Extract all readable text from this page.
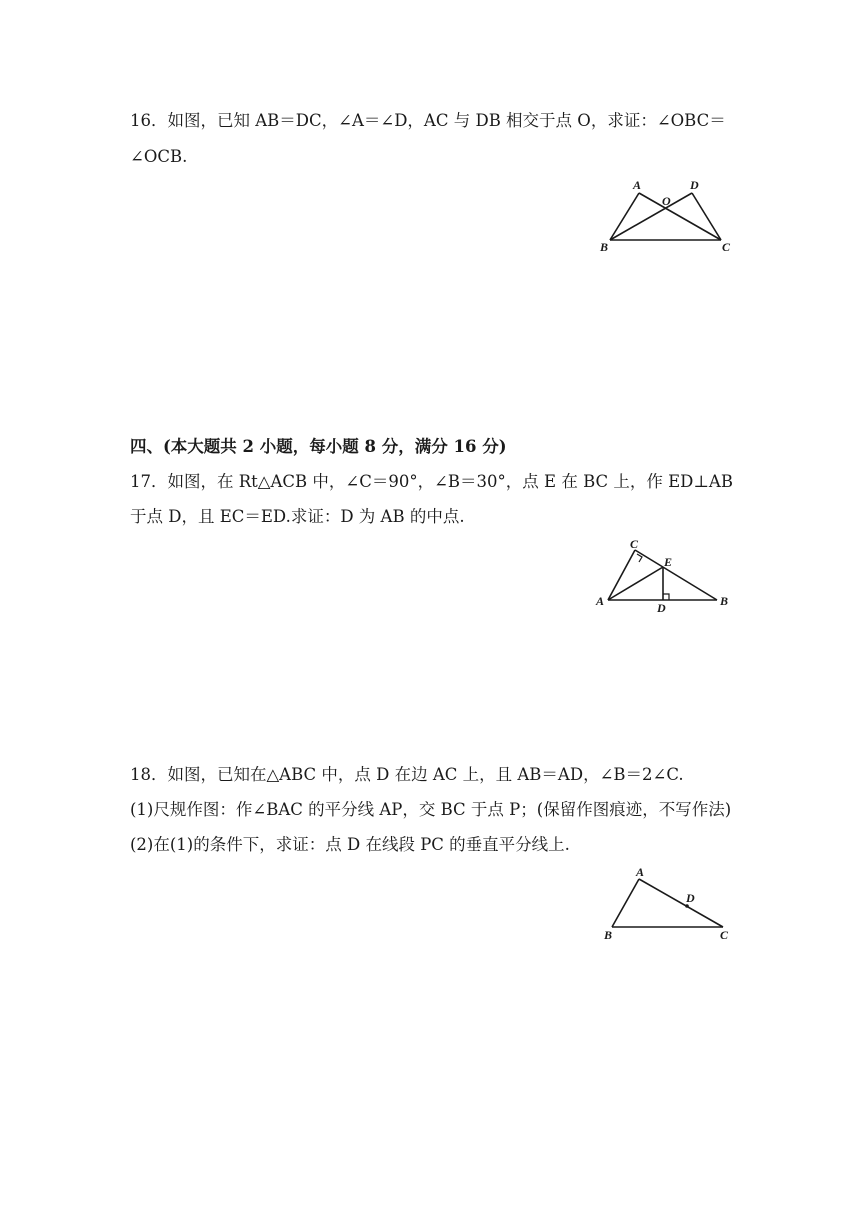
16．如图，已知 AB＝DC，∠A＝∠D，AC 与 DB 相交于点 O，求证：∠OBC＝
∠OCB.
A	D
O
B	C
四、(本大题共 2 小题，每小题 8 分，满分 16 分)
17．如图，在 Rt△ACB 中，∠C＝90°，∠B＝30°，点 E 在 BC 上，作 ED⊥AB
于点 D，且 EC＝ED.求证：D 为 AB 的中点.
C
E
A	B
D
18．如图，已知在△ABC 中，点 D 在边 AC 上，且 AB＝AD，∠B＝2∠C.
(1)尺规作图：作∠BAC 的平分线 AP，交 BC 于点 P；(保留作图痕迹，不写作法)
(2)在(1)的条件下，求证：点 D 在线段 PC 的垂直平分线上.
A
D
B	C
